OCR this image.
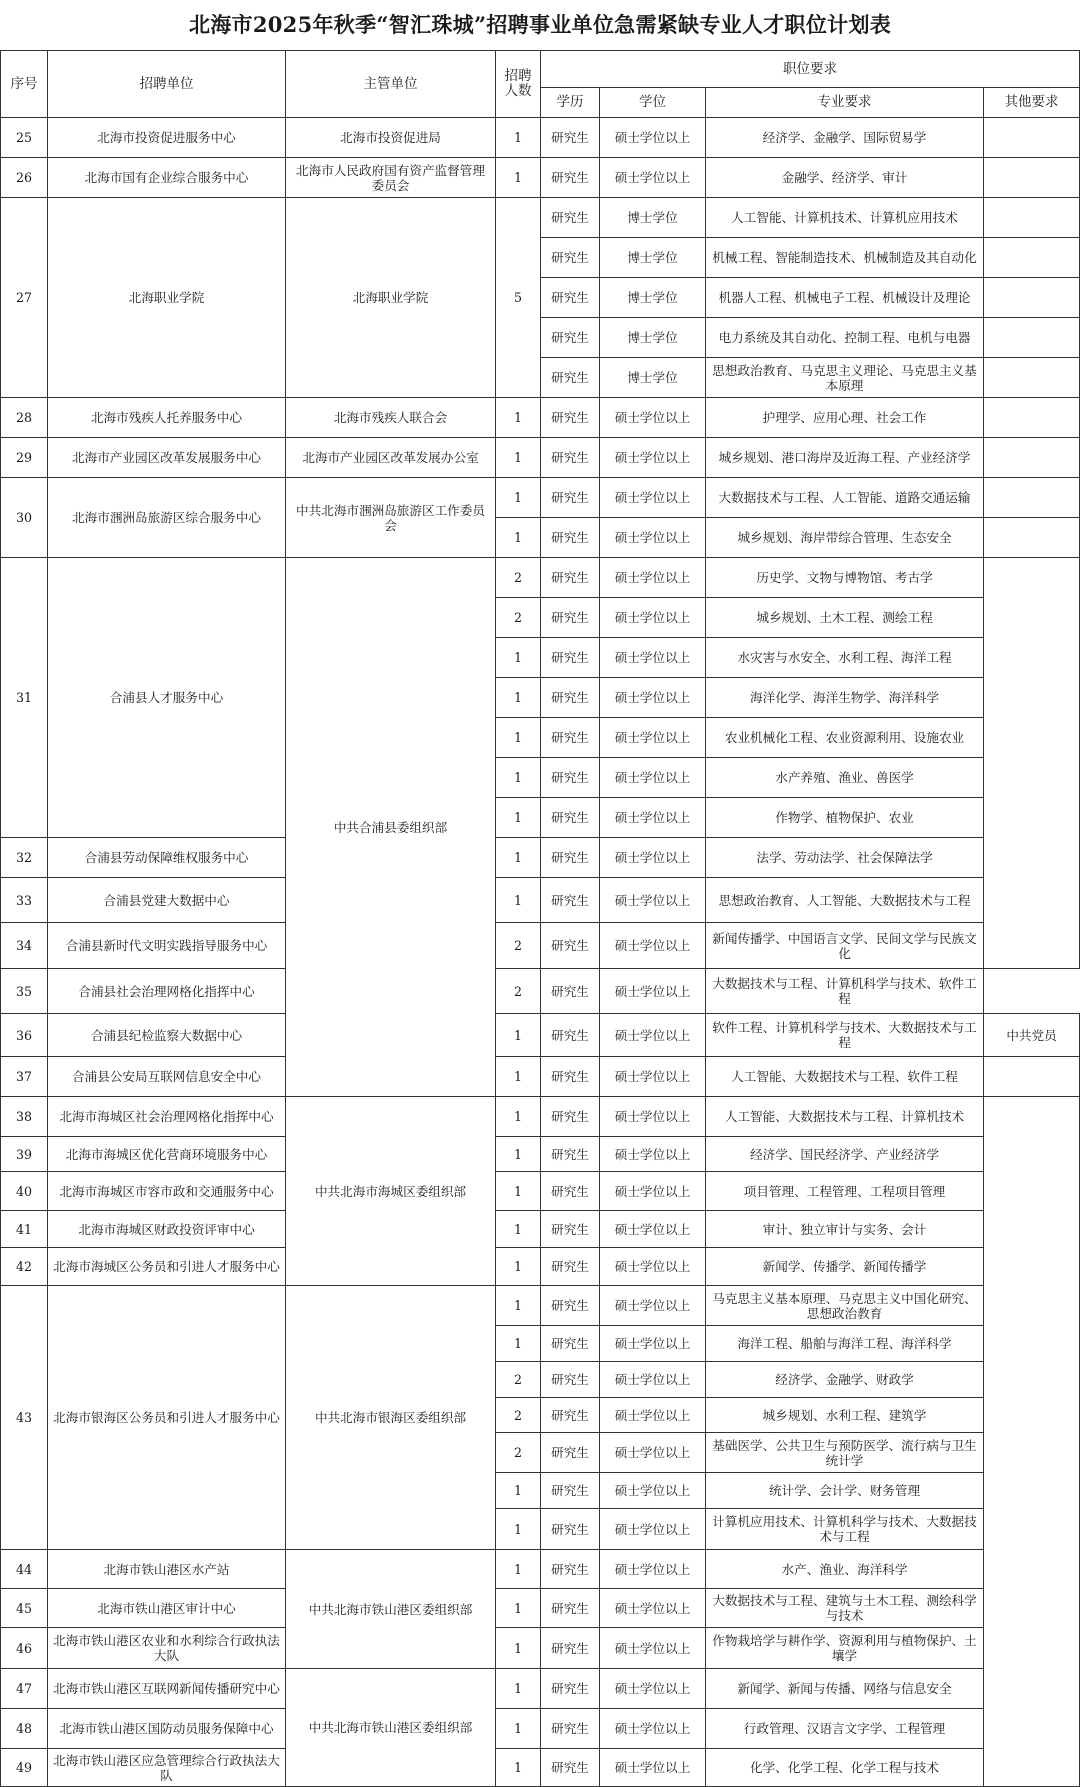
北海市2025年秋季“智汇珠城”招聘事业单位急需紧缺专业人才职位计划表
序号	招聘单位	主管单位	招聘人数	职位要求			
				学历	学位	专业要求	其他要求
25	北海市投资促进服务中心	北海市投资促进局	1	研究生	硕士学位以上	经济学、金融学、国际贸易学	
26	北海市国有企业综合服务中心	北海市人民政府国有资产监督管理委员会	1	研究生	硕士学位以上	金融学、经济学、审计	
27	北海职业学院	北海职业学院	5	研究生	博士学位	人工智能、计算机技术、计算机应用技术	
				研究生	博士学位	机械工程、智能制造技术、机械制造及其自动化	
				研究生	博士学位	机器人工程、机械电子工程、机械设计及理论	
				研究生	博士学位	电力系统及其自动化、控制工程、电机与电器	
				研究生	博士学位	思想政治教育、马克思主义理论、马克思主义基本原理	
28	北海市残疾人托养服务中心	北海市残疾人联合会	1	研究生	硕士学位以上	护理学、应用心理、社会工作	
29	北海市产业园区改革发展服务中心	北海市产业园区改革发展办公室	1	研究生	硕士学位以上	城乡规划、港口海岸及近海工程、产业经济学	
30	北海市涠洲岛旅游区综合服务中心	中共北海市涠洲岛旅游区工作委员会	1	研究生	硕士学位以上	大数据技术与工程、人工智能、道路交通运输	
			1	研究生	硕士学位以上	城乡规划、海岸带综合管理、生态安全	
31	合浦县人才服务中心	中共合浦县委组织部	2	研究生	硕士学位以上	历史学、文物与博物馆、考古学	
			2	研究生	硕士学位以上	城乡规划、土木工程、测绘工程	
			1	研究生	硕士学位以上	水灾害与水安全、水利工程、海洋工程	
			1	研究生	硕士学位以上	海洋化学、海洋生物学、海洋科学	
			1	研究生	硕士学位以上	农业机械化工程、农业资源利用、设施农业	
			1	研究生	硕士学位以上	水产养殖、渔业、兽医学	
			1	研究生	硕士学位以上	作物学、植物保护、农业	
32	合浦县劳动保障维权服务中心		1	研究生	硕士学位以上	法学、劳动法学、社会保障法学	
33	合浦县党建大数据中心		1	研究生	硕士学位以上	思想政治教育、人工智能、大数据技术与工程	
34	合浦县新时代文明实践指导服务中心		2	研究生	硕士学位以上	新闻传播学、中国语言文学、民间文学与民族文化	
35	合浦县社会治理网格化指挥中心		2	研究生	硕士学位以上	大数据技术与工程、计算机科学与技术、软件工程	
36	合浦县纪检监察大数据中心		1	研究生	硕士学位以上	软件工程、计算机科学与技术、大数据技术与工程	中共党员
37	合浦县公安局互联网信息安全中心		1	研究生	硕士学位以上	人工智能、大数据技术与工程、软件工程	
38	北海市海城区社会治理网格化指挥中心	中共北海市海城区委组织部	1	研究生	硕士学位以上	人工智能、大数据技术与工程、计算机技术	
39	北海市海城区优化营商环境服务中心		1	研究生	硕士学位以上	经济学、国民经济学、产业经济学	
40	北海市海城区市容市政和交通服务中心		1	研究生	硕士学位以上	项目管理、工程管理、工程项目管理	
41	北海市海城区财政投资评审中心		1	研究生	硕士学位以上	审计、独立审计与实务、会计	
42	北海市海城区公务员和引进人才服务中心		1	研究生	硕士学位以上	新闻学、传播学、新闻传播学	
43	北海市银海区公务员和引进人才服务中心	中共北海市银海区委组织部	1	研究生	硕士学位以上	马克思主义基本原理、马克思主义中国化研究、思想政治教育	
			1	研究生	硕士学位以上	海洋工程、船舶与海洋工程、海洋科学	
			2	研究生	硕士学位以上	经济学、金融学、财政学	
			2	研究生	硕士学位以上	城乡规划、水利工程、建筑学	
			2	研究生	硕士学位以上	基础医学、公共卫生与预防医学、流行病与卫生统计学	
			1	研究生	硕士学位以上	统计学、会计学、财务管理	
			1	研究生	硕士学位以上	计算机应用技术、计算机科学与技术、大数据技术与工程	
44	北海市铁山港区水产站	中共北海市铁山港区委组织部	1	研究生	硕士学位以上	水产、渔业、海洋科学	
45	北海市铁山港区审计中心		1	研究生	硕士学位以上	大数据技术与工程、建筑与土木工程、测绘科学与技术	
46	北海市铁山港区农业和水利综合行政执法大队		1	研究生	硕士学位以上	作物栽培学与耕作学、资源利用与植物保护、土壤学	
47	北海市铁山港区互联网新闻传播研究中心	中共北海市铁山港区委组织部	1	研究生	硕士学位以上	新闻学、新闻与传播、网络与信息安全	
48	北海市铁山港区国防动员服务保障中心		1	研究生	硕士学位以上	行政管理、汉语言文字学、工程管理	
49	北海市铁山港区应急管理综合行政执法大队		1	研究生	硕士学位以上	化学、化学工程、化学工程与技术	
